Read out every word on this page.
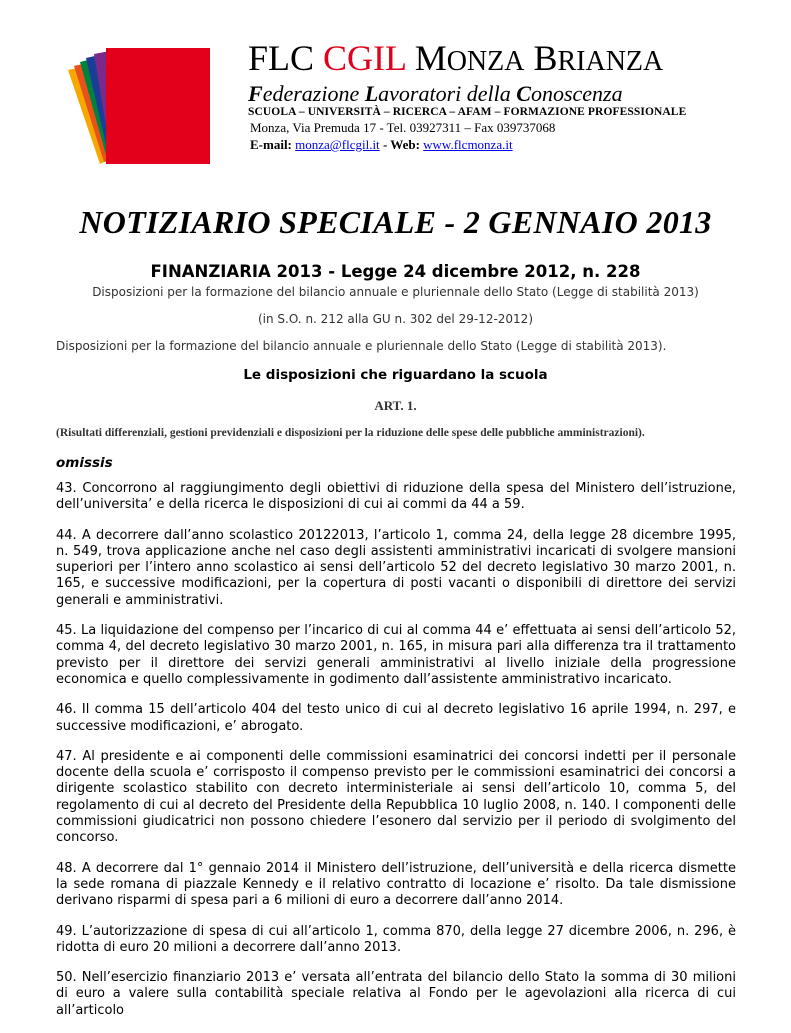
FLC CGIL MONZA BRIANZA
Federazione Lavoratori della Conoscenza
SCUOLA – UNIVERSITÀ – RICERCA – AFAM – FORMAZIONE PROFESSIONALE
Monza, Via Premuda 17 - Tel. 03927311 – Fax 039737068
E-mail: monza@flcgil.it - Web: www.flcmonza.it
NOTIZIARIO SPECIALE - 2 GENNAIO 2013
FINANZIARIA 2013 - Legge 24 dicembre 2012, n. 228
Disposizioni per la formazione del bilancio annuale e pluriennale dello Stato (Legge di stabilità 2013)
(in S.O. n. 212 alla GU n. 302 del 29-12-2012)
Disposizioni per la formazione del bilancio annuale e pluriennale dello Stato (Legge di stabilità 2013).
Le disposizioni che riguardano la scuola
ART. 1.
(Risultati differenziali, gestioni previdenziali e disposizioni per la riduzione delle spese delle pubbliche amministrazioni).
omissis

43. Concorrono al raggiungimento degli obiettivi di riduzione della spesa del Ministero dell’istruzione, dell’universita’ e della ricerca le disposizioni di cui ai commi da 44 a 59.

44. A decorrere dall’anno scolastico 20122013, l’articolo 1, comma 24, della legge 28 dicembre 1995, n. 549, trova applicazione anche nel caso degli assistenti amministrativi incaricati di svolgere mansioni superiori per l’intero anno scolastico ai sensi dell’articolo 52 del decreto legislativo 30 marzo 2001, n. 165, e successive modificazioni, per la copertura di posti vacanti o disponibili di direttore dei servizi generali e amministrativi.

45. La liquidazione del compenso per l’incarico di cui al comma 44 e’ effettuata ai sensi dell’articolo 52, comma 4, del decreto legislativo 30 marzo 2001, n. 165, in misura pari alla differenza tra il trattamento previsto per il direttore dei servizi generali amministrativi al livello iniziale della progressione economica e quello complessivamente in godimento dall’assistente amministrativo incaricato.

46. Il comma 15 dell’articolo 404 del testo unico di cui al decreto legislativo 16 aprile 1994, n. 297, e successive modificazioni, e’ abrogato.

47. Al presidente e ai componenti delle commissioni esaminatrici dei concorsi indetti per il personale docente della scuola e’ corrisposto il compenso previsto per le commissioni esaminatrici dei concorsi a dirigente scolastico stabilito con decreto interministeriale ai sensi dell’articolo 10, comma 5, del regolamento di cui al decreto del Presidente della Repubblica 10 luglio 2008, n. 140. I componenti delle commissioni giudicatrici non possono chiedere l’esonero dal servizio per il periodo di svolgimento del concorso.

48. A decorrere dal 1° gennaio 2014 il Ministero dell’istruzione, dell’università e della ricerca dismette la sede romana di piazzale Kennedy e il relativo contratto di locazione e’ risolto. Da tale dismissione derivano risparmi di spesa pari a 6 milioni di euro a decorrere dall’anno 2014.

49. L’autorizzazione di spesa di cui all’articolo 1, comma 870, della legge 27 dicembre 2006, n. 296, è ridotta di euro 20 milioni a decorrere dall’anno 2013.

50. Nell’esercizio finanziario 2013 e’ versata all’entrata del bilancio dello Stato la somma di 30 milioni di euro a valere sulla contabilità speciale relativa al Fondo per le agevolazioni alla ricerca di cui all’articolo
